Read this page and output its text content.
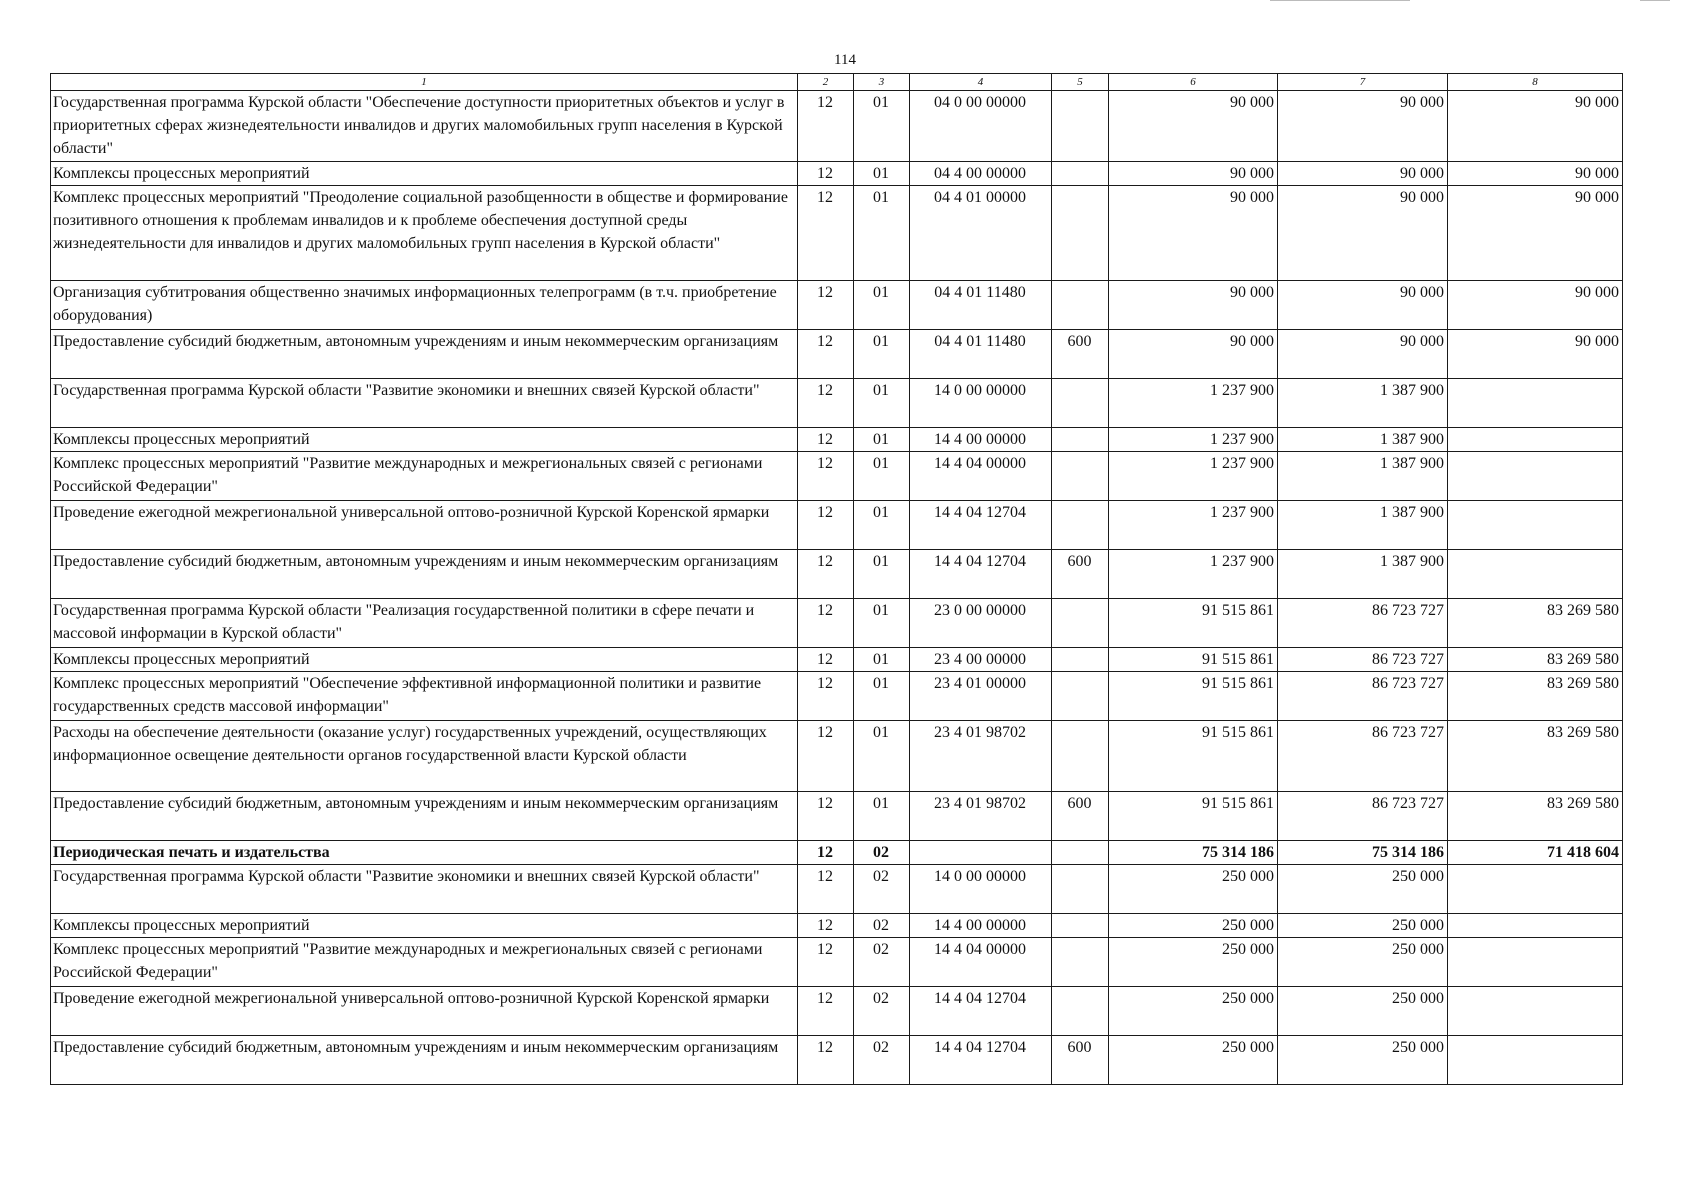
114
1	2	3	4	5	6	7	8
Государственная программа Курской области "Обеспечение доступности приоритетных объектов и услуг в приоритетных сферах жизнедеятельности инвалидов и других маломобильных групп населения в Курской области"	12	01	04 0 00 00000		90 000	90 000	90 000
Комплексы процессных мероприятий	12	01	04 4 00 00000		90 000	90 000	90 000
Комплекс процессных мероприятий "Преодоление социальной разобщенности в обществе и формирование позитивного отношения к проблемам инвалидов и к проблеме обеспечения доступной среды жизнедеятельности для инвалидов и других маломобильных групп населения в Курской области"	12	01	04 4 01 00000		90 000	90 000	90 000
Организация субтитрования общественно значимых информационных телепрограмм (в т.ч. приобретение оборудования)	12	01	04 4 01 11480		90 000	90 000	90 000
Предоставление субсидий бюджетным, автономным учреждениям и иным некоммерческим организациям	12	01	04 4 01 11480	600	90 000	90 000	90 000
Государственная программа Курской области "Развитие экономики и внешних связей Курской области"	12	01	14 0 00 00000		1 237 900	1 387 900	
Комплексы процессных мероприятий	12	01	14 4 00 00000		1 237 900	1 387 900	
Комплекс процессных мероприятий "Развитие международных и межрегиональных связей с регионами Российской Федерации"	12	01	14 4 04 00000		1 237 900	1 387 900	
Проведение ежегодной межрегиональной универсальной оптово-розничной Курской Коренской ярмарки	12	01	14 4 04 12704		1 237 900	1 387 900	
Предоставление субсидий бюджетным, автономным учреждениям и иным некоммерческим организациям	12	01	14 4 04 12704	600	1 237 900	1 387 900	
Государственная программа Курской области "Реализация государственной политики в сфере печати и массовой информации в Курской области"	12	01	23 0 00 00000		91 515 861	86 723 727	83 269 580
Комплексы процессных мероприятий	12	01	23 4 00 00000		91 515 861	86 723 727	83 269 580
Комплекс процессных мероприятий "Обеспечение эффективной информационной политики и развитие государственных средств массовой информации"	12	01	23 4 01 00000		91 515 861	86 723 727	83 269 580
Расходы на обеспечение деятельности (оказание услуг) государственных учреждений, осуществляющих информационное освещение деятельности органов государственной власти Курской области	12	01	23 4 01 98702		91 515 861	86 723 727	83 269 580
Предоставление субсидий бюджетным, автономным учреждениям и иным некоммерческим организациям	12	01	23 4 01 98702	600	91 515 861	86 723 727	83 269 580
Периодическая печать и издательства	12	02			75 314 186	75 314 186	71 418 604
Государственная программа Курской области "Развитие экономики и внешних связей Курской области"	12	02	14 0 00 00000		250 000	250 000	
Комплексы процессных мероприятий	12	02	14 4 00 00000		250 000	250 000	
Комплекс процессных мероприятий "Развитие международных и межрегиональных связей с регионами Российской Федерации"	12	02	14 4 04 00000		250 000	250 000	
Проведение ежегодной межрегиональной универсальной оптово-розничной Курской Коренской ярмарки	12	02	14 4 04 12704		250 000	250 000	
Предоставление субсидий бюджетным, автономным учреждениям и иным некоммерческим организациям	12	02	14 4 04 12704	600	250 000	250 000	
